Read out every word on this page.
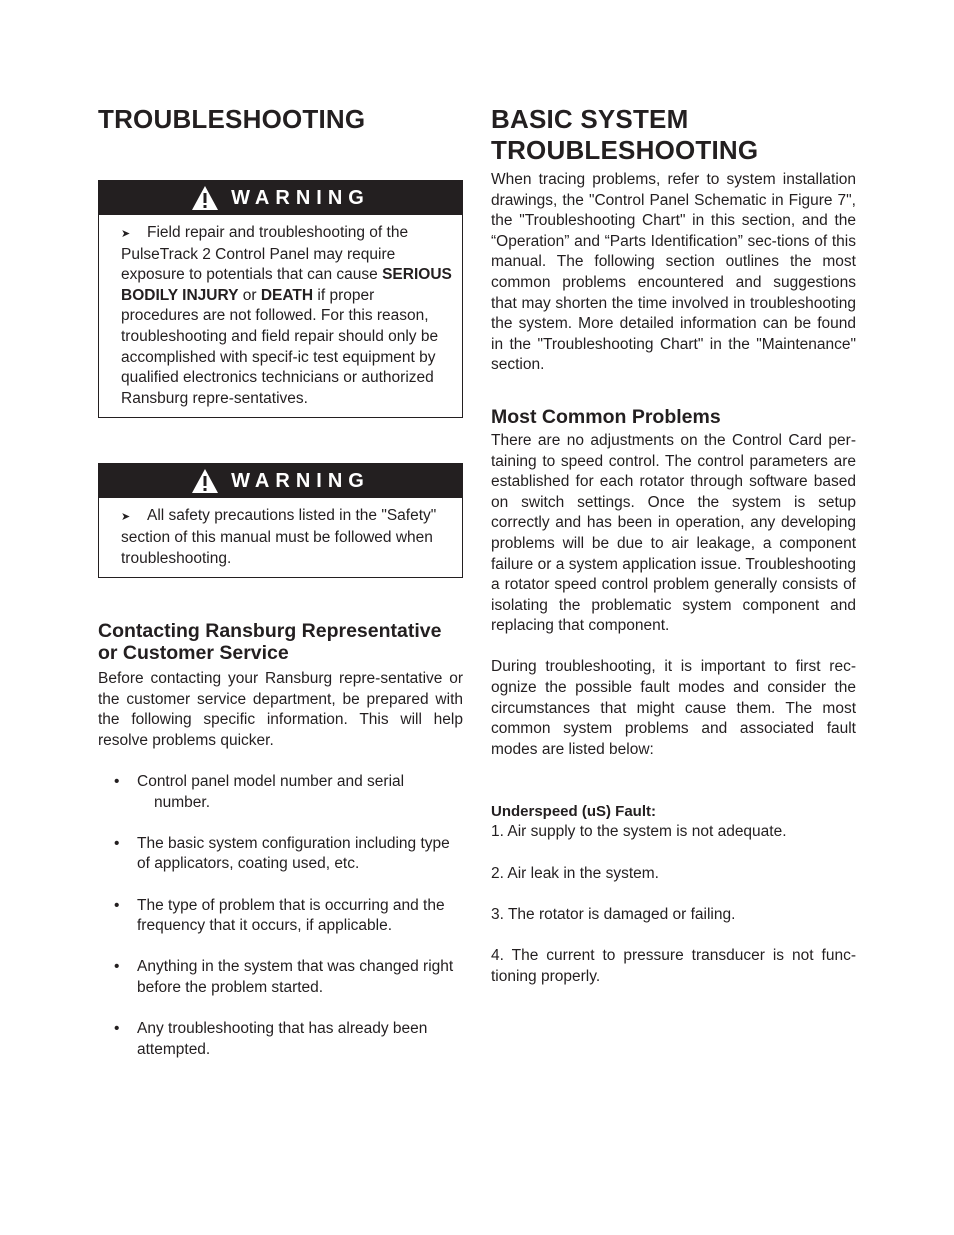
TROUBLESHOOTING
WARNING
➤ Field repair and troubleshooting of the PulseTrack 2 Control Panel may require exposure to potentials that can cause SERIOUS BODILY INJURY or DEATH if proper procedures are not followed. For this reason, troubleshooting and field repair should only be accomplished with specif-ic test equipment by qualified electronics technicians or authorized Ransburg repre-sentatives.
WARNING
➤ All safety precautions listed in the "Safety" section of this manual must be followed when troubleshooting.
Contacting Ransburg Representative or Customer Service

Before contacting your Ransburg repre-sentative or the customer service department, be prepared with the following specific information. This will help resolve problems quicker.

• Control panel model number and serial
number.
• The basic system configuration including type of applicators, coating used, etc.
• The type of problem that is occurring and the frequency that it occurs, if applicable.
• Anything in the system that was changed right before the problem started.
• Any troubleshooting that has already been attempted.
BASIC SYSTEM
TROUBLESHOOTING

When tracing problems, refer to system installation drawings, the "Control Panel Schematic in Figure 7", the "Troubleshooting Chart" in this section, and the “Operation” and “Parts Identification” sec-tions of this manual. The following section outlines the most common problems encountered and suggestions that may shorten the time involved in troubleshooting the system. More detailed information can be found in the "Troubleshooting Chart" in the "Maintenance" section.

Most Common Problems

There are no adjustments on the Control Card per-taining to speed control. The control parameters are established for each rotator through software based on switch settings. Once the system is setup correctly and has been in operation, any developing problems will be due to air leakage, a component failure or a system application issue. Troubleshooting a rotator speed control problem generally consists of isolating the problematic system component and replacing that component.

During troubleshooting, it is important to first rec-ognize the possible fault modes and consider the circumstances that might cause them. The most common system problems and associated fault modes are listed below:

Underspeed (uS) Fault:
1. Air supply to the system is not adequate.
2. Air leak in the system.
3. The rotator is damaged or failing.
4. The current to pressure transducer is not func-tioning properly.
